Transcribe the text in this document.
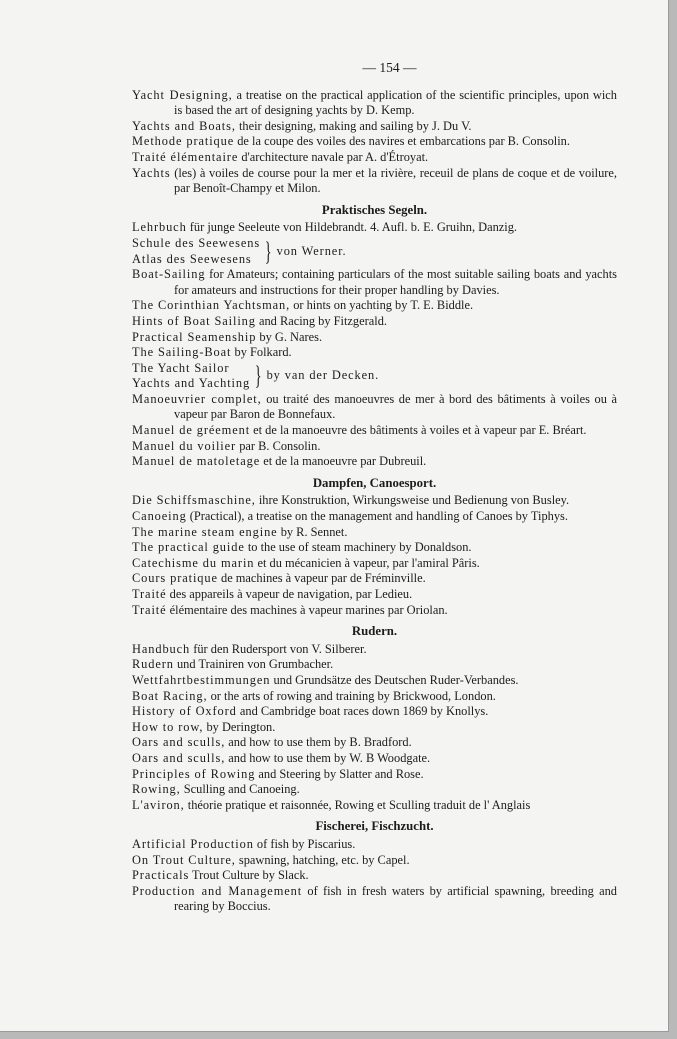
— 154 —
Yacht Designing, a treatise on the practical application of the scientific principles, upon wich is based the art of designing yachts by D. Kemp.
Yachts and Boats, their designing, making and sailing by J. Du V.
Methode pratique de la coupe des voiles des navires et embarcations par B. Consolin.
Traité élémentaire d'architecture navale par A. d'Étroyat.
Yachts (les) à voiles de course pour la mer et la rivière, receuil de plans de coque et de voilure, par Benoît-Champy et Milon.
Praktisches Segeln.
Lehrbuch für junge Seeleute von Hildebrandt. 4. Aufl. b. E. Gruihn, Danzig.
Schule des Seewesens
Atlas des Seewesens } von Werner.
Boat-Sailing for Amateurs; containing particulars of the most suitable sailing boats and yachts for amateurs and instructions for their proper handling by Davies.
The Corinthian Yachtsman, or hints on yachting by T. E. Biddle.
Hints of Boat Sailing and Racing by Fitzgerald.
Practical Seamenship by G. Nares.
The Sailing-Boat by Folkard.
The Yacht Sailor
Yachts and Yachting } by van der Decken.
Manoeuvrier complet, ou traité des manoeuvres de mer à bord des bâtiments à voiles ou à vapeur par Baron de Bonnefaux.
Manuel de gréement et de la manoeuvre des bâtiments à voiles et à vapeur par E. Bréart.
Manuel du voilier par B. Consolin.
Manuel de matoletage et de la manoeuvre par Dubreuil.
Dampfen, Canoesport.
Die Schiffsmaschine, ihre Konstruktion, Wirkungsweise und Bedienung von Busley.
Canoeing (Practical), a treatise on the management and handling of Canoes by Tiphys.
The marine steam engine by R. Sennet.
The practical guide to the use of steam machinery by Donaldson.
Catechisme du marin et du mécanicien à vapeur, par l'amiral Pâris.
Cours pratique de machines à vapeur par de Fréminville.
Traité des appareils à vapeur de navigation, par Ledieu.
Traité élémentaire des machines à vapeur marines par Oriolan.
Rudern.
Handbuch für den Rudersport von V. Silberer.
Rudern und Trainiren von Grumbacher.
Wettfahrtbestimmungen und Grundsätze des Deutschen Ruder-Verbandes.
Boat Racing, or the arts of rowing and training by Brickwood, London.
History of Oxford and Cambridge boat races down 1869 by Knollys.
How to row, by Derington.
Oars and sculls, and how to use them by B. Bradford.
Oars and sculls, and how to use them by W. B Woodgate.
Principles of Rowing and Steering by Slatter and Rose.
Rowing, Sculling and Canoeing.
L'aviron, théorie pratique et raisonnée, Rowing et Sculling traduit de l' Anglais
Fischerei, Fischzucht.
Artificial Production of fish by Piscarius.
On Trout Culture, spawning, hatching, etc. by Capel.
Practicals Trout Culture by Slack.
Production and Management of fish in fresh waters by artificial spawning, breeding and rearing by Boccius.
